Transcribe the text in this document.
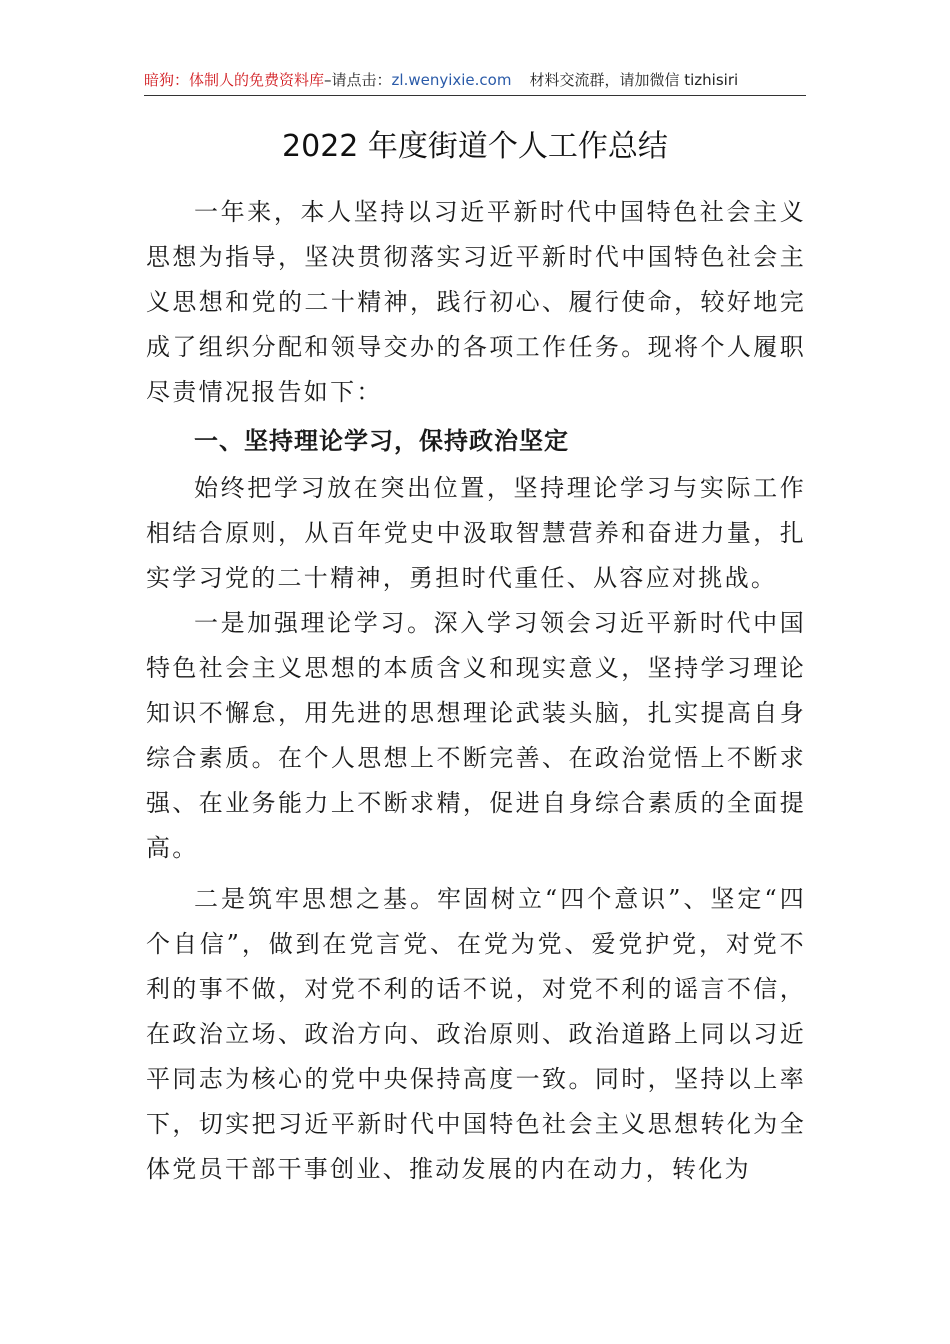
暗狗：体制人的免费资料库–请点击：zl.wenyixie.com 材料交流群，请加微信 tizhisiri
2022 年度街道个人工作总结

一年来，本人坚持以习近平新时代中国特色社会主义思想为指导，坚决贯彻落实习近平新时代中国特色社会主义思想和党的二十精神，践行初心、履行使命，较好地完成了组织分配和领导交办的各项工作任务。现将个人履职尽责情况报告如下：

一、坚持理论学习，保持政治坚定

始终把学习放在突出位置，坚持理论学习与实际工作相结合原则，从百年党史中汲取智慧营养和奋进力量，扎实学习党的二十精神，勇担时代重任、从容应对挑战。

一是加强理论学习。深入学习领会习近平新时代中国特色社会主义思想的本质含义和现实意义，坚持学习理论知识不懈怠，用先进的思想理论武装头脑，扎实提高自身综合素质。在个人思想上不断完善、在政治觉悟上不断求强、在业务能力上不断求精，促进自身综合素质的全面提高。

二是筑牢思想之基。牢固树立“四个意识”、坚定“四个自信”，做到在党言党、在党为党、爱党护党，对党不利的事不做，对党不利的话不说，对党不利的谣言不信，在政治立场、政治方向、政治原则、政治道路上同以习近平同志为核心的党中央保持高度一致。同时，坚持以上率下，切实把习近平新时代中国特色社会主义思想转化为全体党员干部干事创业、推动发展的内在动力，转化为
